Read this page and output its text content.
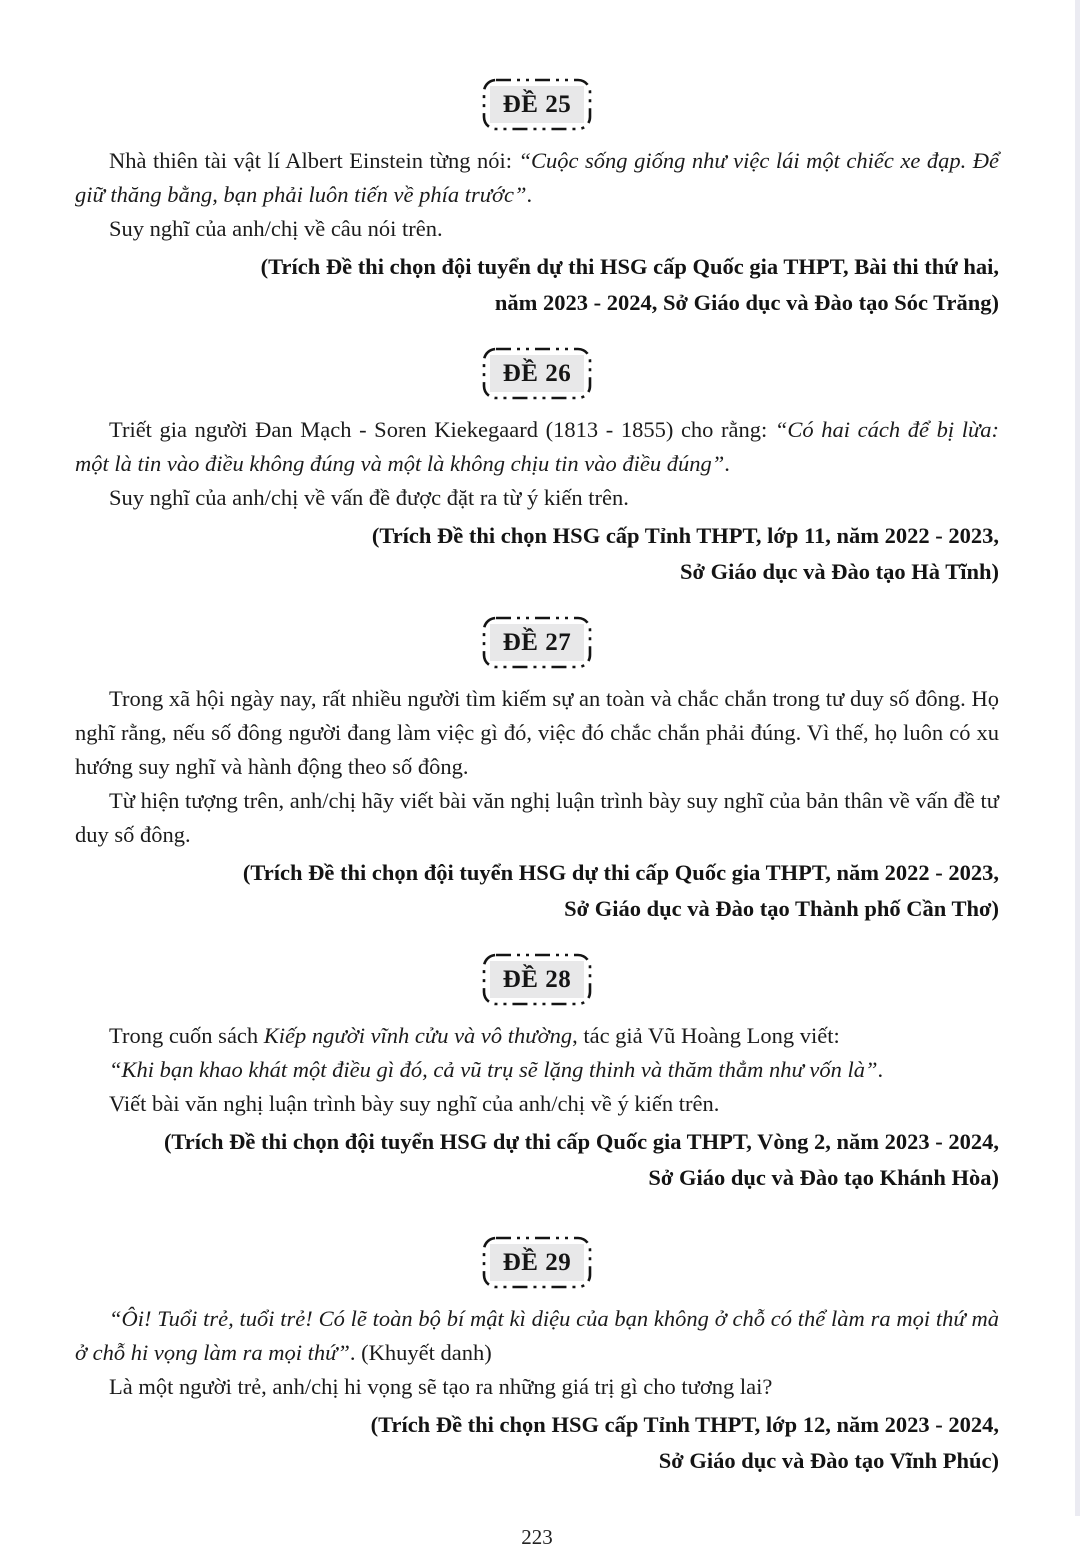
ĐỀ 25

Nhà thiên tài vật lí Albert Einstein từng nói: “Cuộc sống giống như việc lái một chiếc xe đạp. Để giữ thăng bằng, bạn phải luôn tiến về phía trước”.

Suy nghĩ của anh/chị về câu nói trên.

(Trích Đề thi chọn đội tuyển dự thi HSG cấp Quốc gia THPT, Bài thi thứ hai,
năm 2023 - 2024, Sở Giáo dục và Đào tạo Sóc Trăng)
ĐỀ 26

Triết gia người Đan Mạch - Soren Kiekegaard (1813 - 1855) cho rằng: “Có hai cách để bị lừa: một là tin vào điều không đúng và một là không chịu tin vào điều đúng”.

Suy nghĩ của anh/chị về vấn đề được đặt ra từ ý kiến trên.

(Trích Đề thi chọn HSG cấp Tỉnh THPT, lớp 11, năm 2022 - 2023,
Sở Giáo dục và Đào tạo Hà Tĩnh)
ĐỀ 27

Trong xã hội ngày nay, rất nhiều người tìm kiếm sự an toàn và chắc chắn trong tư duy số đông. Họ nghĩ rằng, nếu số đông người đang làm việc gì đó, việc đó chắc chắn phải đúng. Vì thế, họ luôn có xu hướng suy nghĩ và hành động theo số đông.

Từ hiện tượng trên, anh/chị hãy viết bài văn nghị luận trình bày suy nghĩ của bản thân về vấn đề tư duy số đông.

(Trích Đề thi chọn đội tuyển HSG dự thi cấp Quốc gia THPT, năm 2022 - 2023,
Sở Giáo dục và Đào tạo Thành phố Cần Thơ)
ĐỀ 28

Trong cuốn sách Kiếp người vĩnh cửu và vô thường, tác giả Vũ Hoàng Long viết:

“Khi bạn khao khát một điều gì đó, cả vũ trụ sẽ lặng thinh và thăm thẳm như vốn là”.

Viết bài văn nghị luận trình bày suy nghĩ của anh/chị về ý kiến trên.

(Trích Đề thi chọn đội tuyển HSG dự thi cấp Quốc gia THPT, Vòng 2, năm 2023 - 2024,
Sở Giáo dục và Đào tạo Khánh Hòa)
ĐỀ 29

“Ôi! Tuổi trẻ, tuổi trẻ! Có lẽ toàn bộ bí mật kì diệu của bạn không ở chỗ có thể làm ra mọi thứ mà ở chỗ hi vọng làm ra mọi thứ”. (Khuyết danh)

Là một người trẻ, anh/chị hi vọng sẽ tạo ra những giá trị gì cho tương lai?

(Trích Đề thi chọn HSG cấp Tỉnh THPT, lớp 12, năm 2023 - 2024,
Sở Giáo dục và Đào tạo Vĩnh Phúc)
223
